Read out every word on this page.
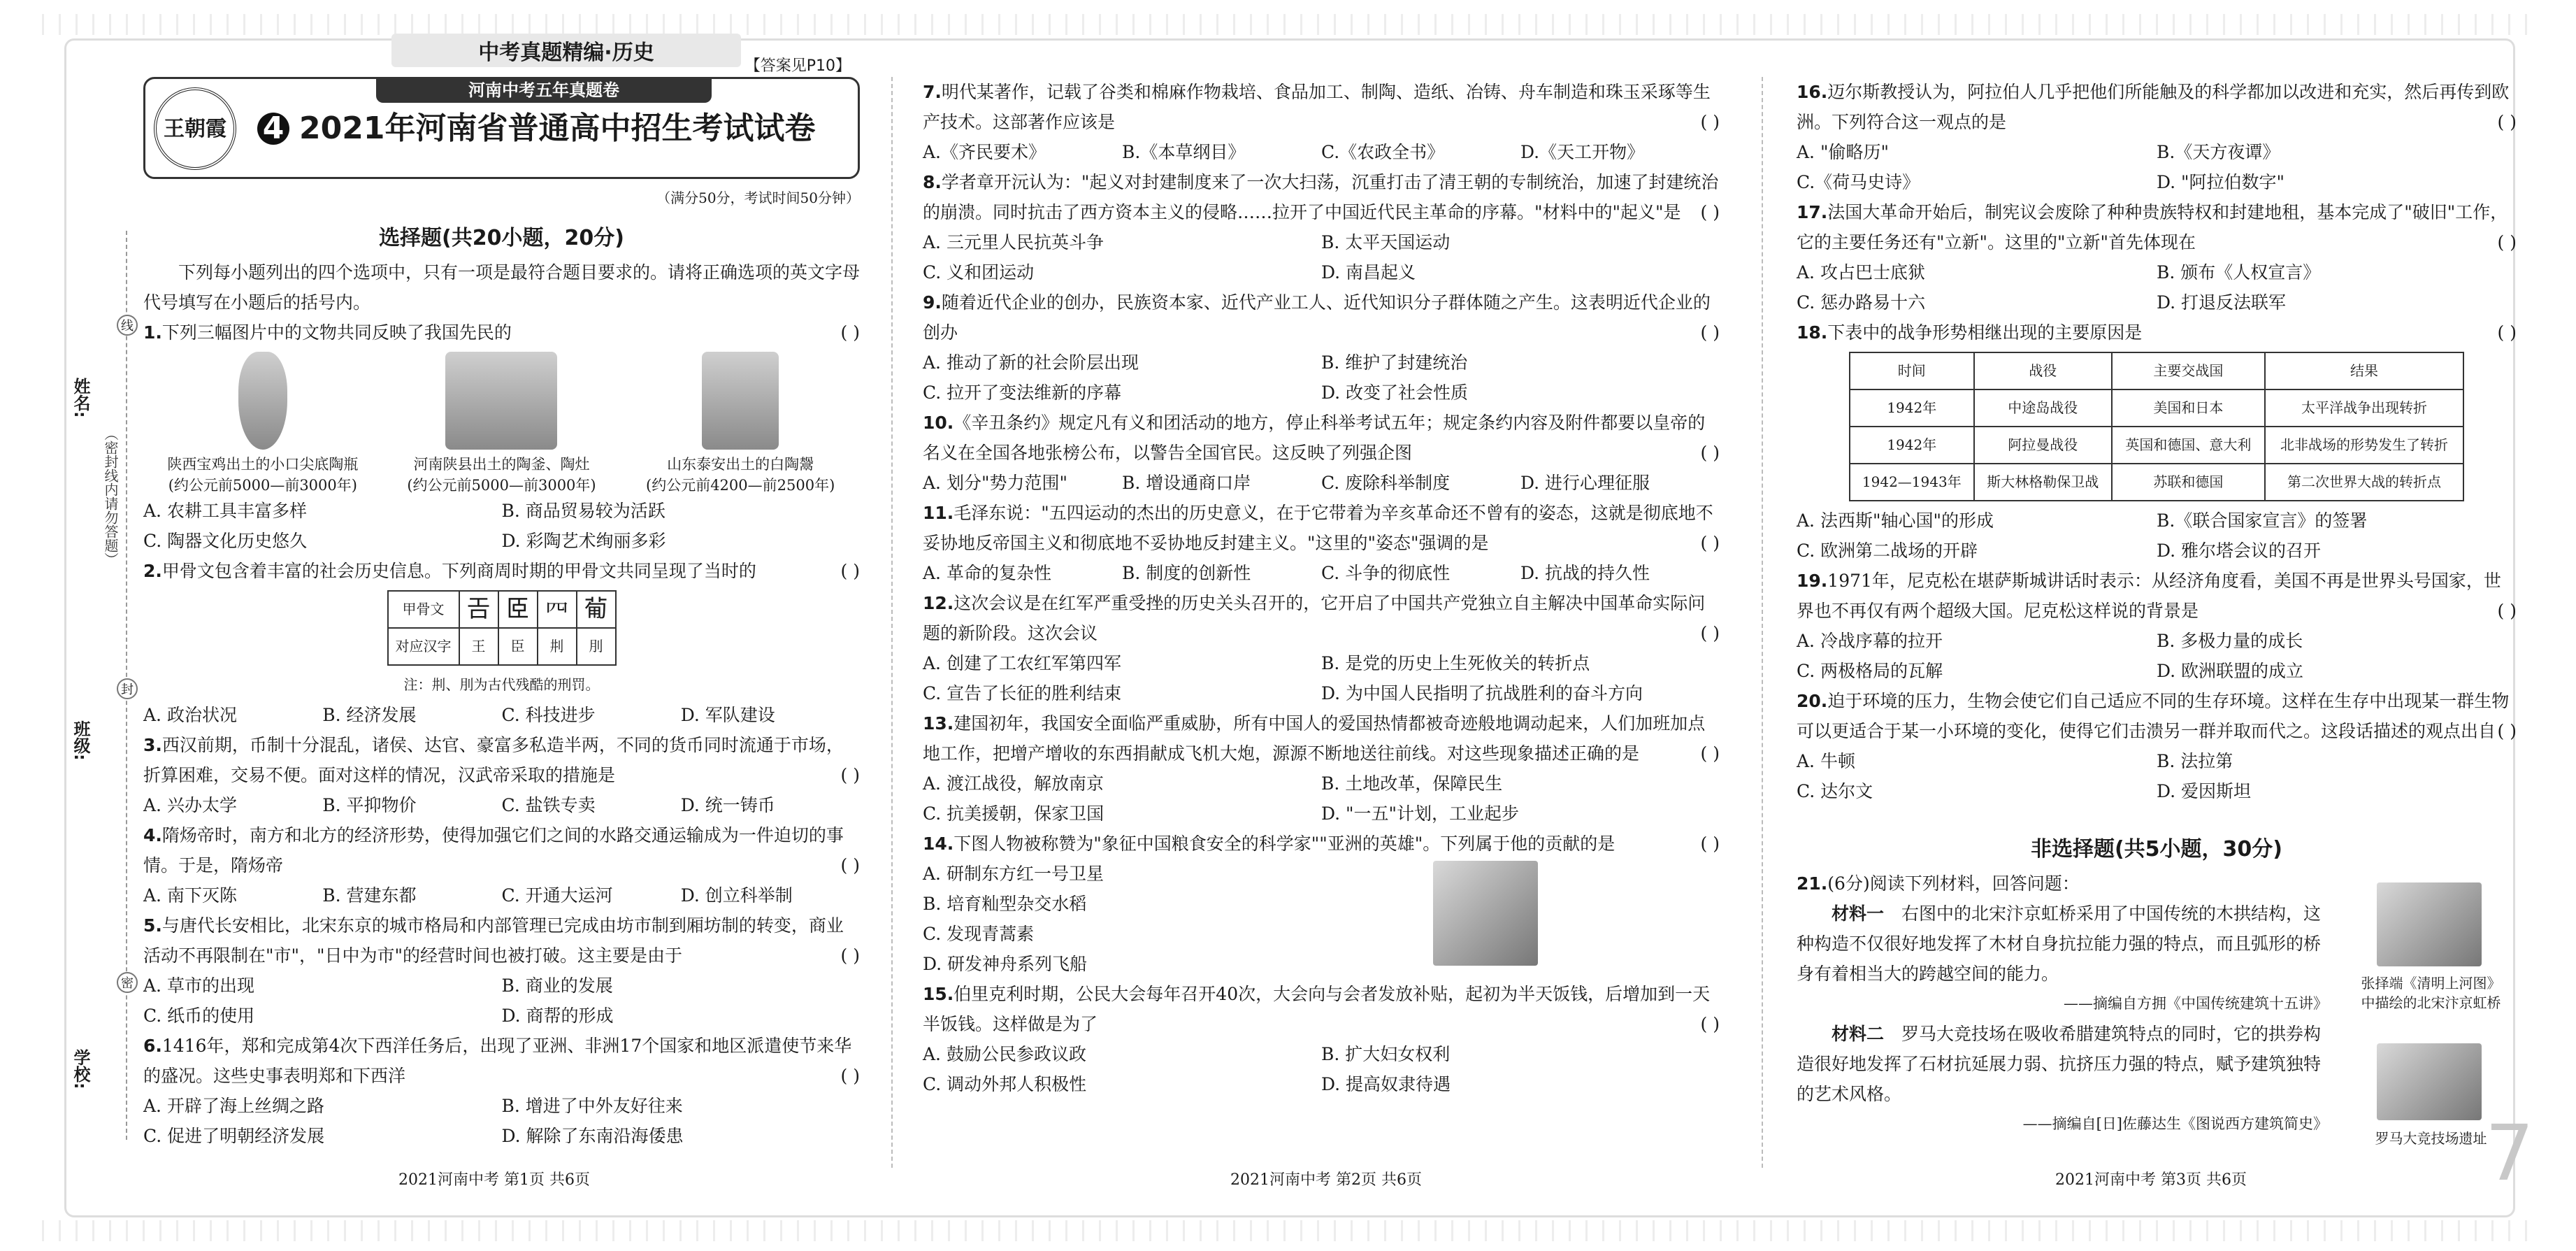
中考真题精编·历史
姓名:
班级:
学校:
（密封线内请勿答题）
线
封
密
【答案见P10】
王朝霞
河南中考五年真题卷
4 2021年河南省普通高中招生考试试卷
（满分50分，考试时间50分钟）
选择题(共20小题，20分)

下列每小题列出的四个选项中，只有一项是最符合题目要求的。请将正确选项的英文字母代号填写在小题后的括号内。

1.下列三幅图片中的文物共同反映了我国先民的	( )

陕西宝鸡出土的小口尖底陶瓶
(约公元前5000—前3000年)
河南陕县出土的陶釜、陶灶
(约公元前5000—前3000年)
山东泰安出土的白陶鬶
(约公元前4200—前2500年)
A. 农耕工具丰富多样	B. 商品贸易较为活跃
C. 陶器文化历史悠久	D. 彩陶艺术绚丽多彩

2.甲骨文包含着丰富的社会历史信息。下列商周时期的甲骨文共同呈现了当时的	( )

甲骨文	𢀛	𦣞	𦉪	𤰈
对应汉字	王	臣	㓝	刖

注：㓝、刖为古代残酷的刑罚。

A. 政治状况	B. 经济发展	C. 科技进步	D. 军队建设

3.西汉前期，币制十分混乱，诸侯、达官、豪富多私造半两，不同的货币同时流通于市场，折算困难，交易不便。面对这样的情况，汉武帝采取的措施是	( )

A. 兴办太学	B. 平抑物价	C. 盐铁专卖	D. 统一铸币

4.隋炀帝时，南方和北方的经济形势，使得加强它们之间的水路交通运输成为一件迫切的事情。于是，隋炀帝	( )

A. 南下灭陈	B. 营建东都	C. 开通大运河	D. 创立科举制

5.与唐代长安相比，北宋东京的城市格局和内部管理已完成由坊市制到厢坊制的转变，商业活动不再限制在"市"，"日中为市"的经营时间也被打破。这主要是由于	( )

A. 草市的出现	B. 商业的发展
C. 纸币的使用	D. 商帮的形成

6.1416年，郑和完成第4次下西洋任务后，出现了亚洲、非洲17个国家和地区派遣使节来华的盛况。这些史事表明郑和下西洋	( )

A. 开辟了海上丝绸之路	B. 增进了中外友好往来
C. 促进了明朝经济发展	D. 解除了东南沿海倭患

7.明代某著作，记载了谷类和棉麻作物栽培、食品加工、制陶、造纸、冶铸、舟车制造和珠玉采琢等生产技术。这部著作应该是	( )

A.《齐民要术》	B.《本草纲目》	C.《农政全书》	D.《天工开物》

8.学者章开沅认为："起义对封建制度来了一次大扫荡，沉重打击了清王朝的专制统治，加速了封建统治的崩溃。同时抗击了西方资本主义的侵略……拉开了中国近代民主革命的序幕。"材料中的"起义"是 ( )

A. 三元里人民抗英斗争	B. 太平天国运动
C. 义和团运动	D. 南昌起义

9.随着近代企业的创办，民族资本家、近代产业工人、近代知识分子群体随之产生。这表明近代企业的创办	( )

A. 推动了新的社会阶层出现	B. 维护了封建统治
C. 拉开了变法维新的序幕	D. 改变了社会性质

10.《辛丑条约》规定凡有义和团活动的地方，停止科举考试五年；规定条约内容及附件都要以皇帝的名义在全国各地张榜公布，以警告全国官民。这反映了列强企图	( )

A. 划分"势力范围"	B. 增设通商口岸	C. 废除科举制度	D. 进行心理征服

11.毛泽东说："五四运动的杰出的历史意义，在于它带着为辛亥革命还不曾有的姿态，这就是彻底地不妥协地反帝国主义和彻底地不妥协地反封建主义。"这里的"姿态"强调的是	( )

A. 革命的复杂性	B. 制度的创新性	C. 斗争的彻底性	D. 抗战的持久性

12.这次会议是在红军严重受挫的历史关头召开的，它开启了中国共产党独立自主解决中国革命实际问题的新阶段。这次会议	( )

A. 创建了工农红军第四军	B. 是党的历史上生死攸关的转折点
C. 宣告了长征的胜利结束	D. 为中国人民指明了抗战胜利的奋斗方向

13.建国初年，我国安全面临严重威胁，所有中国人的爱国热情都被奇迹般地调动起来，人们加班加点地工作，把增产增收的东西捐献成飞机大炮，源源不断地送往前线。对这些现象描述正确的是	( )

A. 渡江战役，解放南京	B. 土地改革，保障民生
C. 抗美援朝，保家卫国	D. "一五"计划，工业起步

14.下图人物被称赞为"象征中国粮食安全的科学家""亚洲的英雄"。下列属于他的贡献的是	( )

A. 研制东方红一号卫星

B. 培育籼型杂交水稻

C. 发现青蒿素

D. 研发神舟系列飞船

15.伯里克利时期，公民大会每年召开40次，大会向与会者发放补贴，起初为半天饭钱，后增加到一天半饭钱。这样做是为了	( )

A. 鼓励公民参政议政	B. 扩大妇女权利
C. 调动外邦人积极性	D. 提高奴隶待遇

16.迈尔斯教授认为，阿拉伯人几乎把他们所能触及的科学都加以改进和充实，然后再传到欧洲。下列符合这一观点的是	( )

A. "偷略历"	B.《天方夜谭》
C.《荷马史诗》	D. "阿拉伯数字"

17.法国大革命开始后，制宪议会废除了种种贵族特权和封建地租，基本完成了"破旧"工作，它的主要任务还有"立新"。这里的"立新"首先体现在	( )

A. 攻占巴士底狱	B. 颁布《人权宣言》
C. 惩办路易十六	D. 打退反法联军

18.下表中的战争形势相继出现的主要原因是	( )

时间	战役	主要交战国	结果
1942年	中途岛战役	美国和日本	太平洋战争出现转折
1942年	阿拉曼战役	英国和德国、意大利	北非战场的形势发生了转折
1942—1943年	斯大林格勒保卫战	苏联和德国	第二次世界大战的转折点
A. 法西斯"轴心国"的形成	B.《联合国家宣言》的签署
C. 欧洲第二战场的开辟	D. 雅尔塔会议的召开

19.1971年，尼克松在堪萨斯城讲话时表示：从经济角度看，美国不再是世界头号国家，世界也不再仅有两个超级大国。尼克松这样说的背景是	( )

A. 冷战序幕的拉开	B. 多极力量的成长
C. 两极格局的瓦解	D. 欧洲联盟的成立

20.迫于环境的压力，生物会使它们自己适应不同的生存环境。这样在生存中出现某一群生物可以更适合于某一小环境的变化，使得它们击溃另一群并取而代之。这段话描述的观点出自 ( )

A. 牛顿	B. 法拉第
C. 达尔文	D. 爱因斯坦
非选择题(共5小题，30分)

21.(6分)阅读下列材料，回答问题：

材料一　 右图中的北宋汴京虹桥采用了中国传统的木拱结构，这种构造不仅很好地发挥了木材自身抗拉能力强的特点，而且弧形的桥身有着相当大的跨越空间的能力。

——摘编自方拥《中国传统建筑十五讲》

张择端《清明上河图》中描绘的北宋汴京虹桥

材料二　 罗马大竞技场在吸收希腊建筑特点的同时，它的拱券构造很好地发挥了石材抗延展力弱、抗挤压力强的特点，赋予建筑独特的艺术风格。

——摘编自[日]佐藤达生《图说西方建筑简史》

罗马大竞技场遗址

2021河南中考 第1页 共6页	2021河南中考 第2页 共6页	2021河南中考 第3页 共6页	7
